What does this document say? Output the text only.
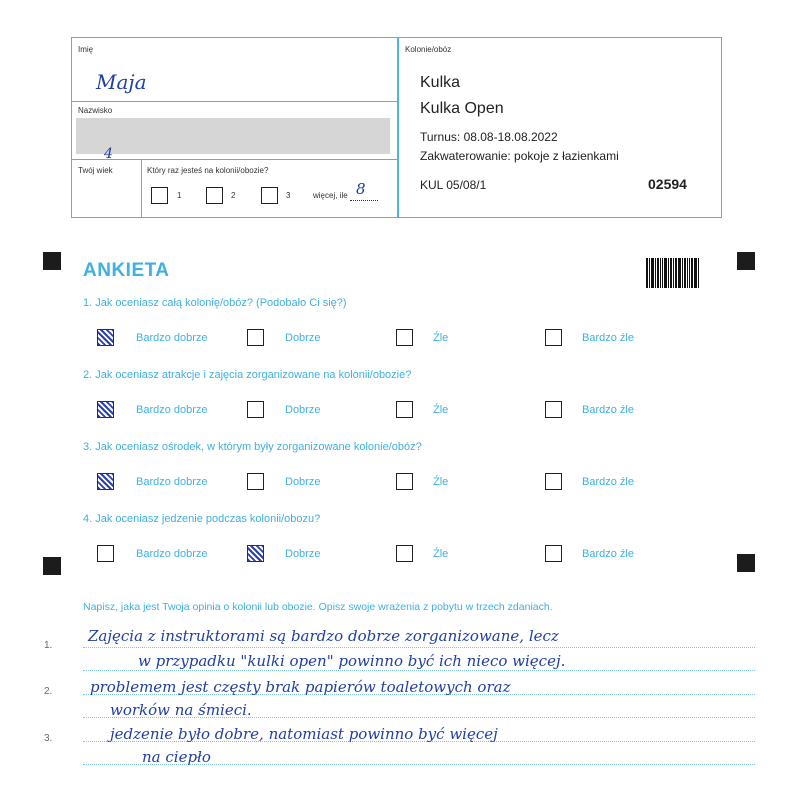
Imię
Maja
Nazwisko
Twój wiek
4
Który raz jesteś na kolonii/obozie?
1	2	3	więcej, ile 8
Kolonie/obóz
Kulka
Kulka Open
Turnus: 08.08-18.08.2022
Zakwaterowanie: pokoje z łazienkami
KUL 05/08/1	02594
ANKIETA
1. Jak oceniasz całą kolonię/obóz? (Podobało Ci się?)
Bardzo dobrze	Dobrze	Źle	Bardzo źle
2. Jak oceniasz atrakcje i zajęcia zorganizowane na kolonii/obozie?
Bardzo dobrze	Dobrze	Źle	Bardzo źle
3. Jak oceniasz ośrodek, w którym były zorganizowane kolonie/obóz?
Bardzo dobrze	Dobrze	Źle	Bardzo źle
4. Jak oceniasz jedzenie podczas kolonii/obozu?
Bardzo dobrze	Dobrze	Źle	Bardzo źle
Napisz, jaka jest Twoja opinia o kolonii lub obozie. Opisz swoje wrażenia z pobytu w trzech zdaniach.
1.
2.
3.
Zajęcia z instruktorami są bardzo dobrze zorganizowane, lecz
w przypadku "kulki open" powinno być ich nieco więcej.
problemem jest częsty brak papierów toaletowych oraz
worków na śmieci.
jedzenie było dobre, natomiast powinno być więcej
na ciepło
